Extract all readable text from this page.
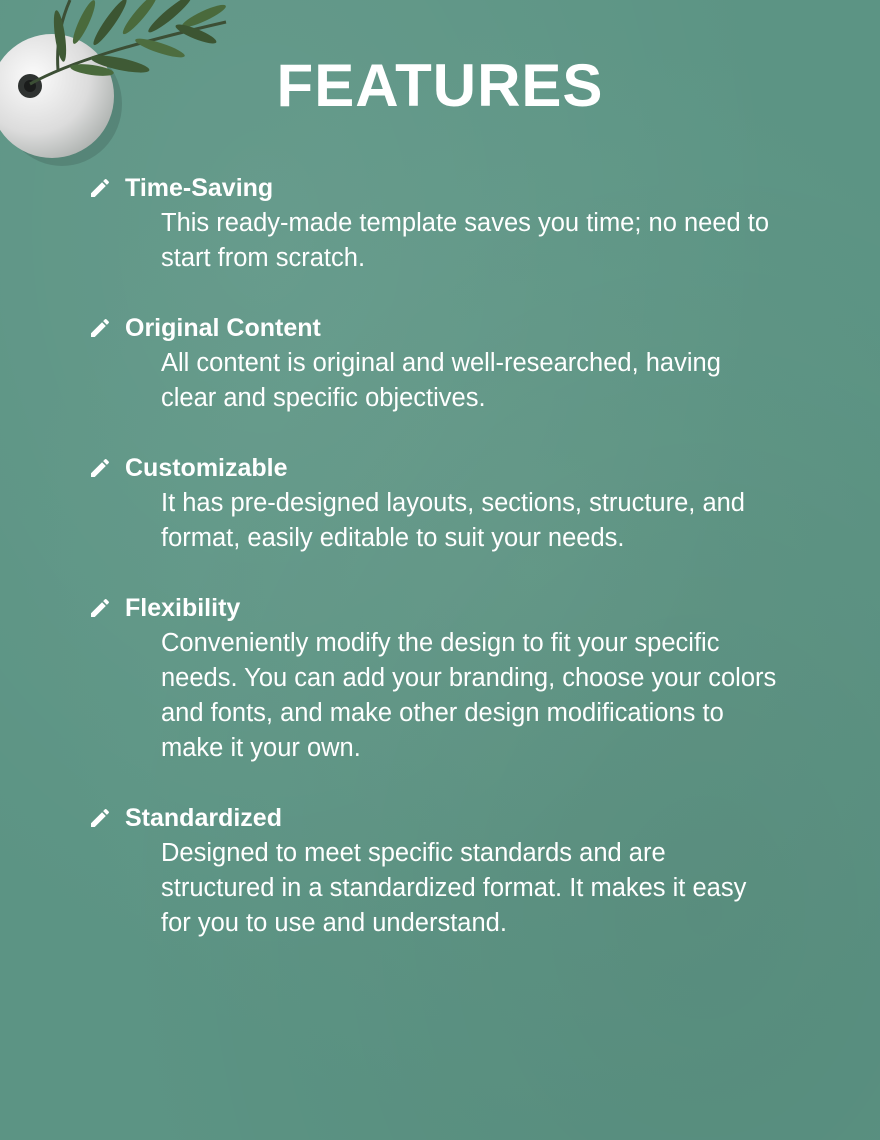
FEATURES
Time-Saving
This ready-made template saves you time; no need to start from scratch.
Original Content
All content is original and well-researched, having clear and specific objectives.
Customizable
It has pre-designed layouts, sections, structure, and format, easily editable to suit your needs.
Flexibility
Conveniently modify the design to fit your specific needs. You can add your branding, choose your colors and fonts, and make other design modifications to make it your own.
Standardized
Designed to meet specific standards and are structured in a standardized format. It makes it easy for you to use and understand.
